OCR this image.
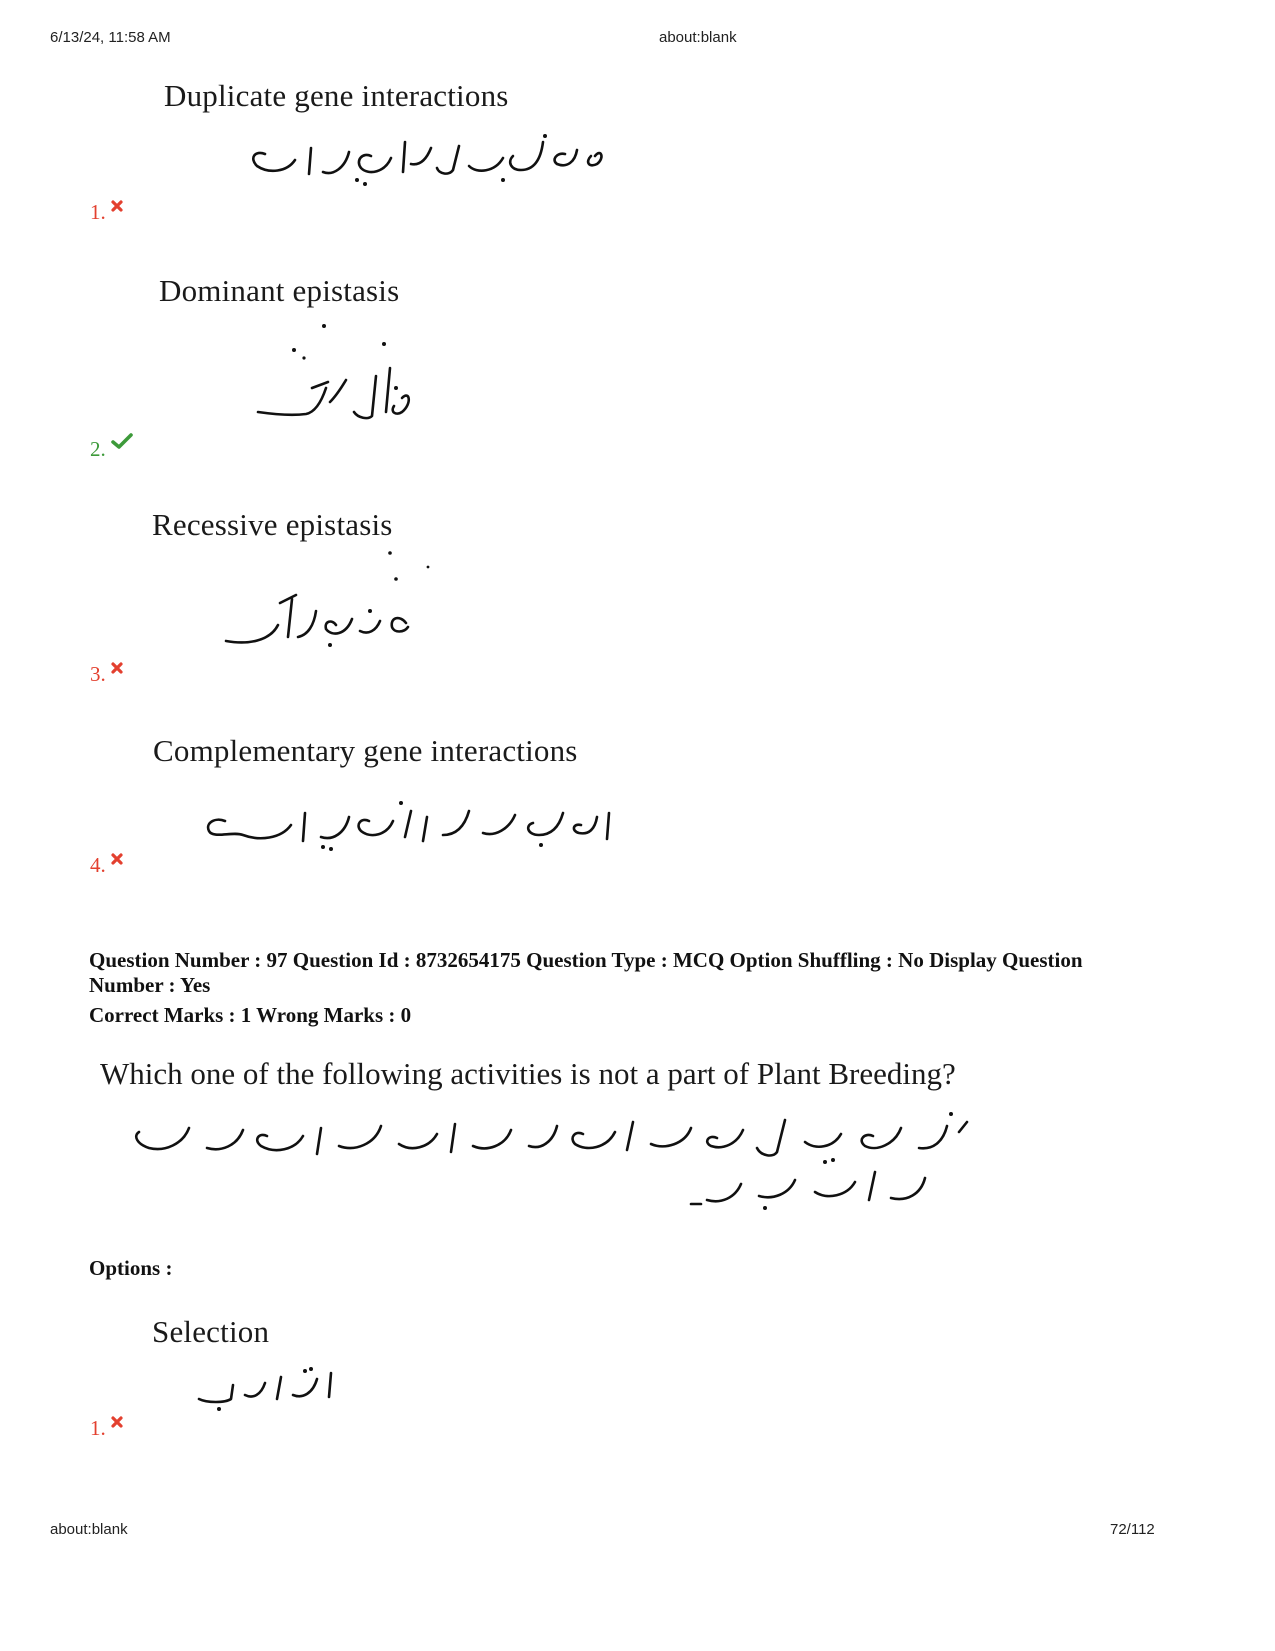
6/13/24, 11:58 AM	about:blank
Duplicate gene interactions
1.
Dominant epistasis
2.
Recessive epistasis
3.
Complementary gene interactions
4.
Question Number : 97 Question Id : 8732654175 Question Type : MCQ Option Shuffling : No Display Question
Number : Yes
Correct Marks : 1 Wrong Marks : 0
Which one of the following activities is not a part of Plant Breeding?
Options :
Selection
1.
about:blank	72/112
